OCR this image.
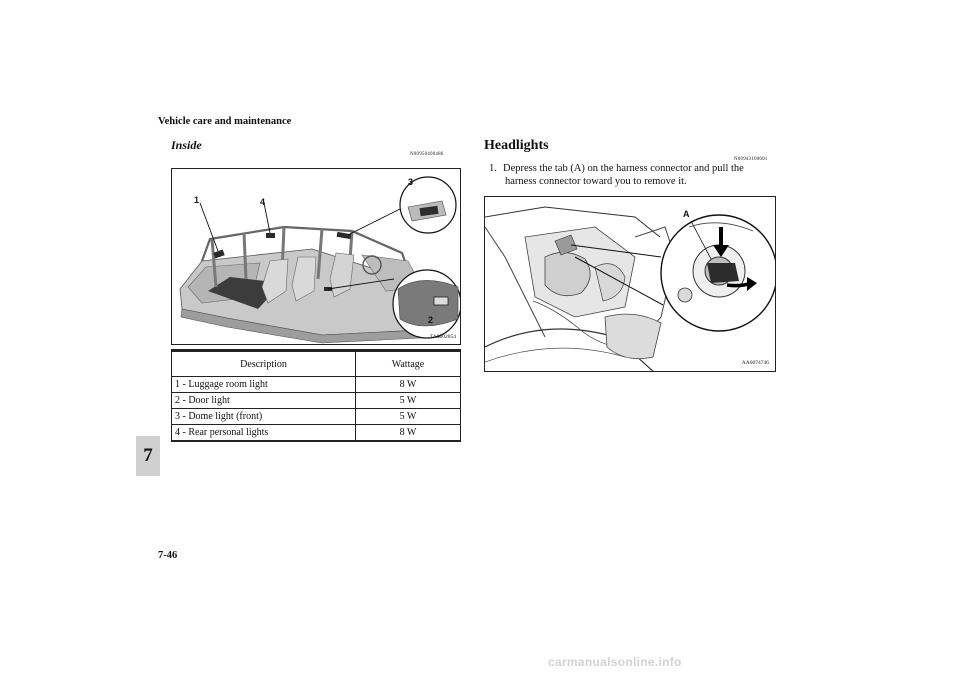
Vehicle care and maintenance
7
7-46
Inside
N00950400486
1	4
3
2
TA0002854
Description	Wattage
1 - Luggage room light	8 W
2 - Door light	5 W
3 - Dome light (front)	5 W
4 - Rear personal lights	8 W
Headlights
N00943100601
1. Depress the tab (A) on the harness connector and pull the
harness connector toward you to remove it.
A
AA0074746
carmanualsonline.info
